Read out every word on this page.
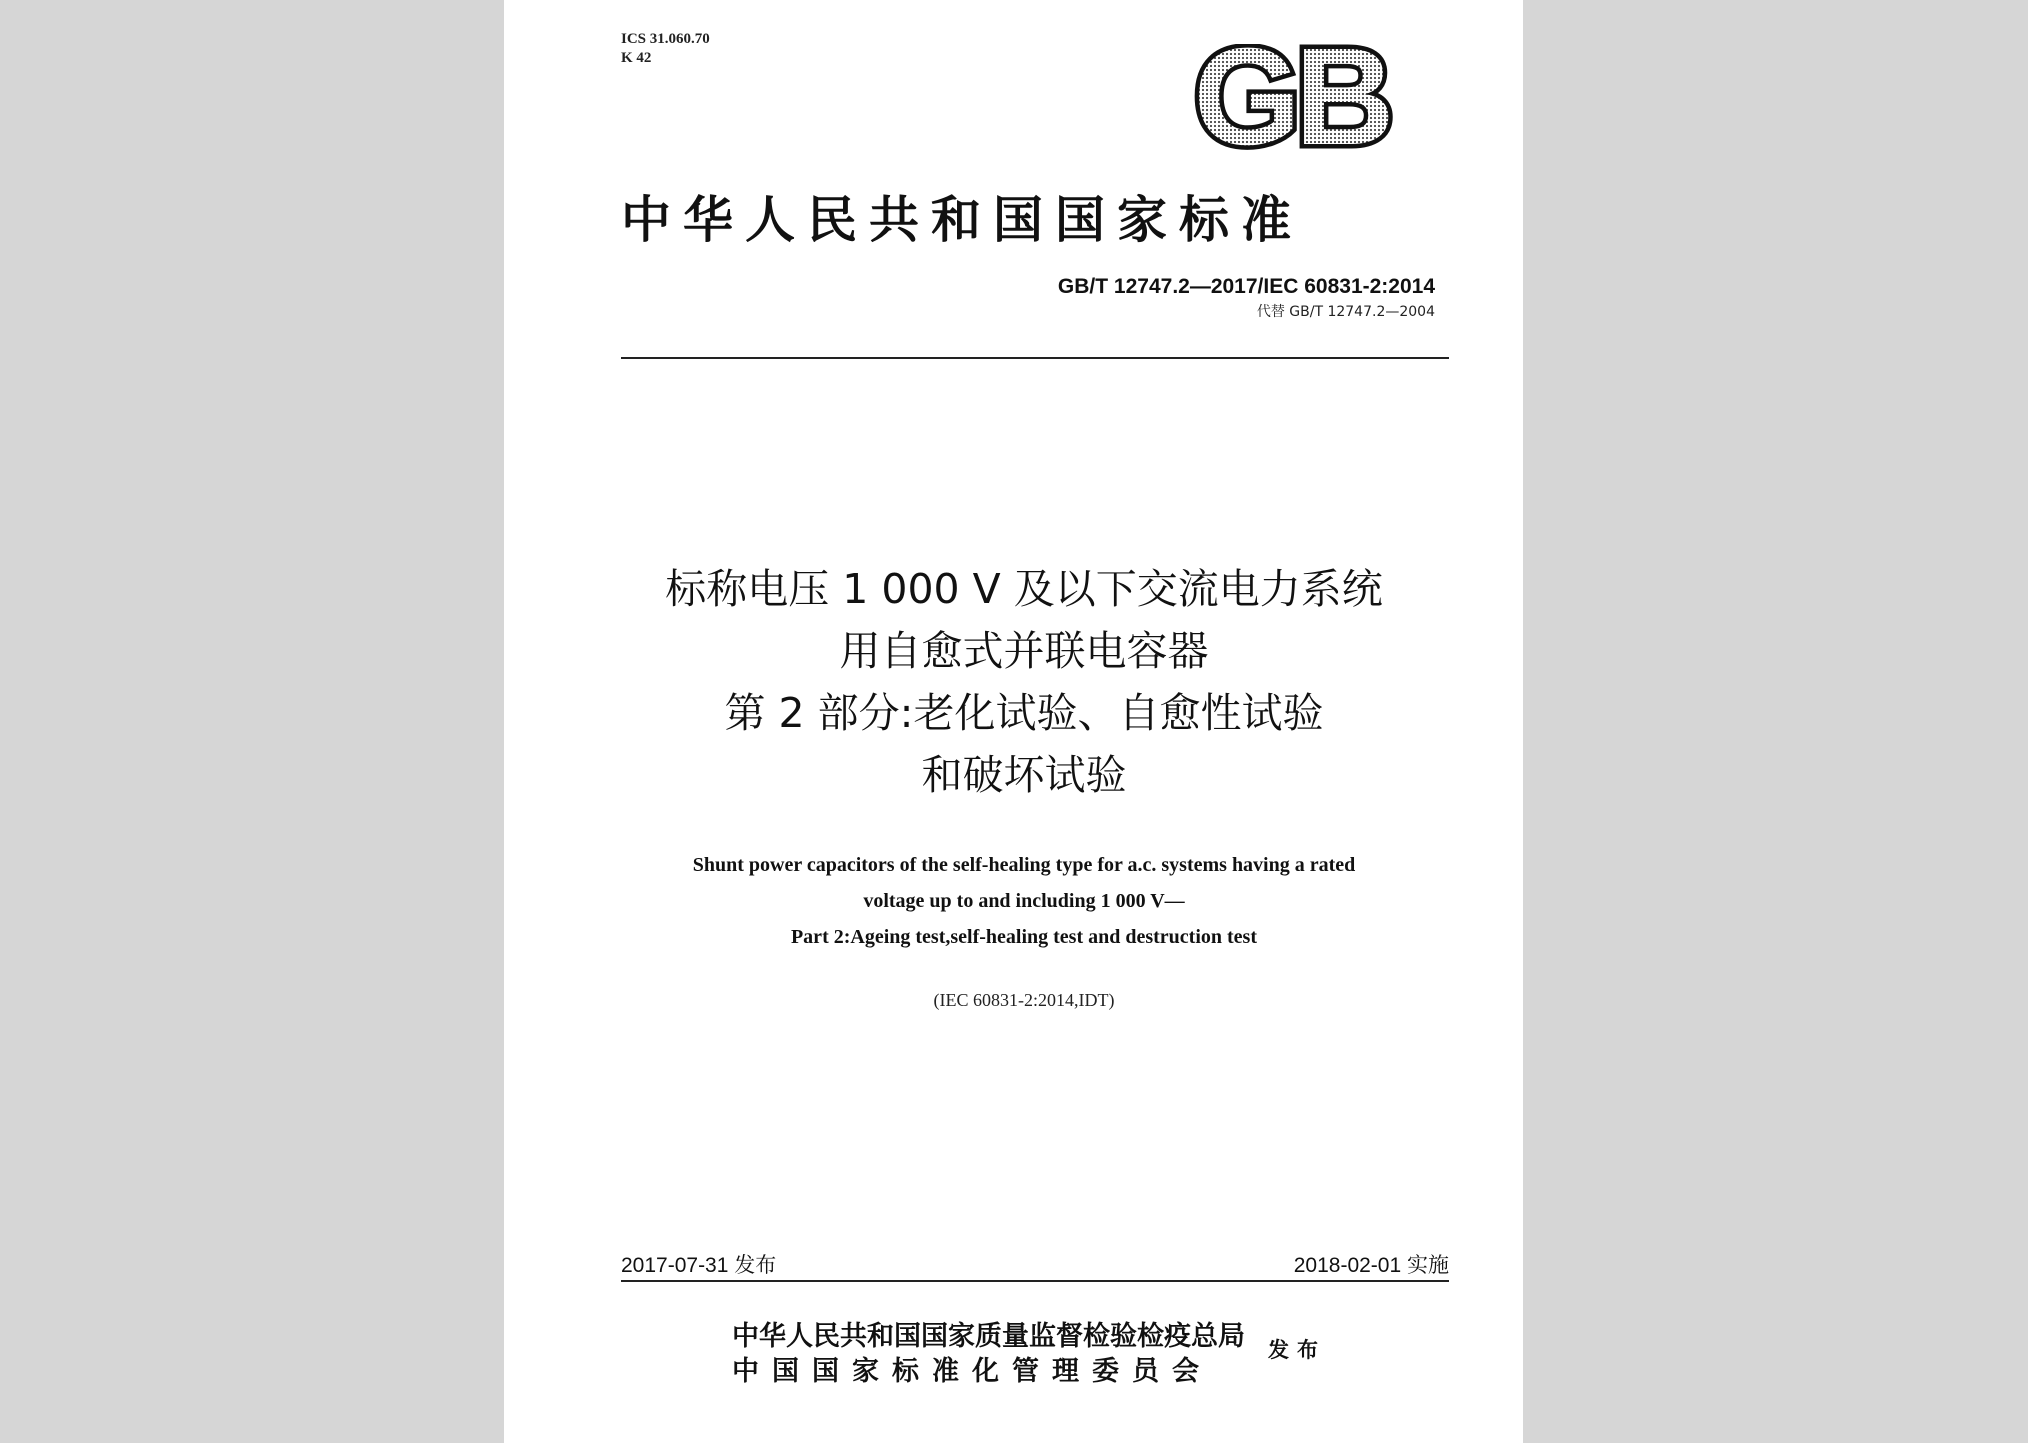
ICS 31.060.70
K 42	GB
中华人民共和国国家标准
GB/T 12747.2—2017/IEC 60831-2:2014
代替 GB/T 12747.2—2004
标称电压 1 000 V 及以下交流电力系统
用自愈式并联电容器
第 2 部分:老化试验、自愈性试验
和破坏试验
Shunt power capacitors of the self-healing type for a.c. systems having a rated
voltage up to and including 1 000 V—
Part 2:Ageing test,self-healing test and destruction test
(IEC 60831-2:2014,IDT)
2017-07-31 发布	2018-02-01 实施
中华人民共和国国家质量监督检验检疫总局
中国国家标准化管理委员会
发布
